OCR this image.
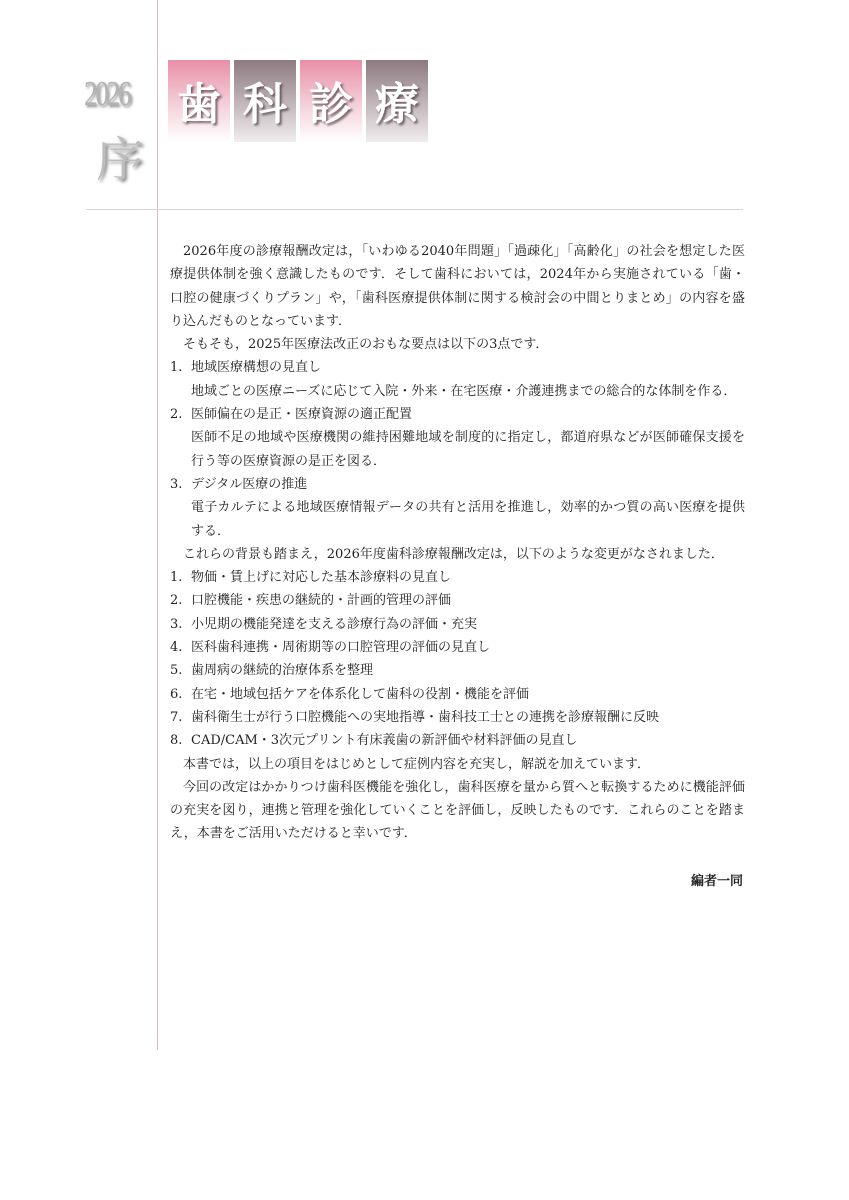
2026
序
歯 科 診 療

2026年度の診療報酬改定は，「いわゆる2040年問題」「過疎化」「高齢化」の社会を想定した医療提供体制を強く意識したものです．そして歯科においては，2024年から実施されている「歯・口腔の健康づくりプラン」や，「歯科医療提供体制に関する検討会の中間とりまとめ」の内容を盛り込んだものとなっています．

そもそも，2025年医療法改正のおもな要点は以下の3点です．

1. 地域医療構想の見直し

地域ごとの医療ニーズに応じて入院・外来・在宅医療・介護連携までの総合的な体制を作る．

2. 医師偏在の是正・医療資源の適正配置

医師不足の地域や医療機関の維持困難地域を制度的に指定し，都道府県などが医師確保支援を行う等の医療資源の是正を図る．

3. デジタル医療の推進

電子カルテによる地域医療情報データの共有と活用を推進し，効率的かつ質の高い医療を提供する．

これらの背景も踏まえ，2026年度歯科診療報酬改定は，以下のような変更がなされました．

1. 物価・賃上げに対応した基本診療料の見直し
2. 口腔機能・疾患の継続的・計画的管理の評価
3. 小児期の機能発達を支える診療行為の評価・充実
4. 医科歯科連携・周術期等の口腔管理の評価の見直し
5. 歯周病の継続的治療体系を整理
6. 在宅・地域包括ケアを体系化して歯科の役割・機能を評価
7. 歯科衛生士が行う口腔機能への実地指導・歯科技工士との連携を診療報酬に反映
8. CAD/CAM・3次元プリント有床義歯の新評価や材料評価の見直し

本書では，以上の項目をはじめとして症例内容を充実し，解説を加えています．

今回の改定はかかりつけ歯科医機能を強化し，歯科医療を量から質へと転換するために機能評価の充実を図り，連携と管理を強化していくことを評価し，反映したものです．これらのことを踏まえ，本書をご活用いただけると幸いです．

編者一同
